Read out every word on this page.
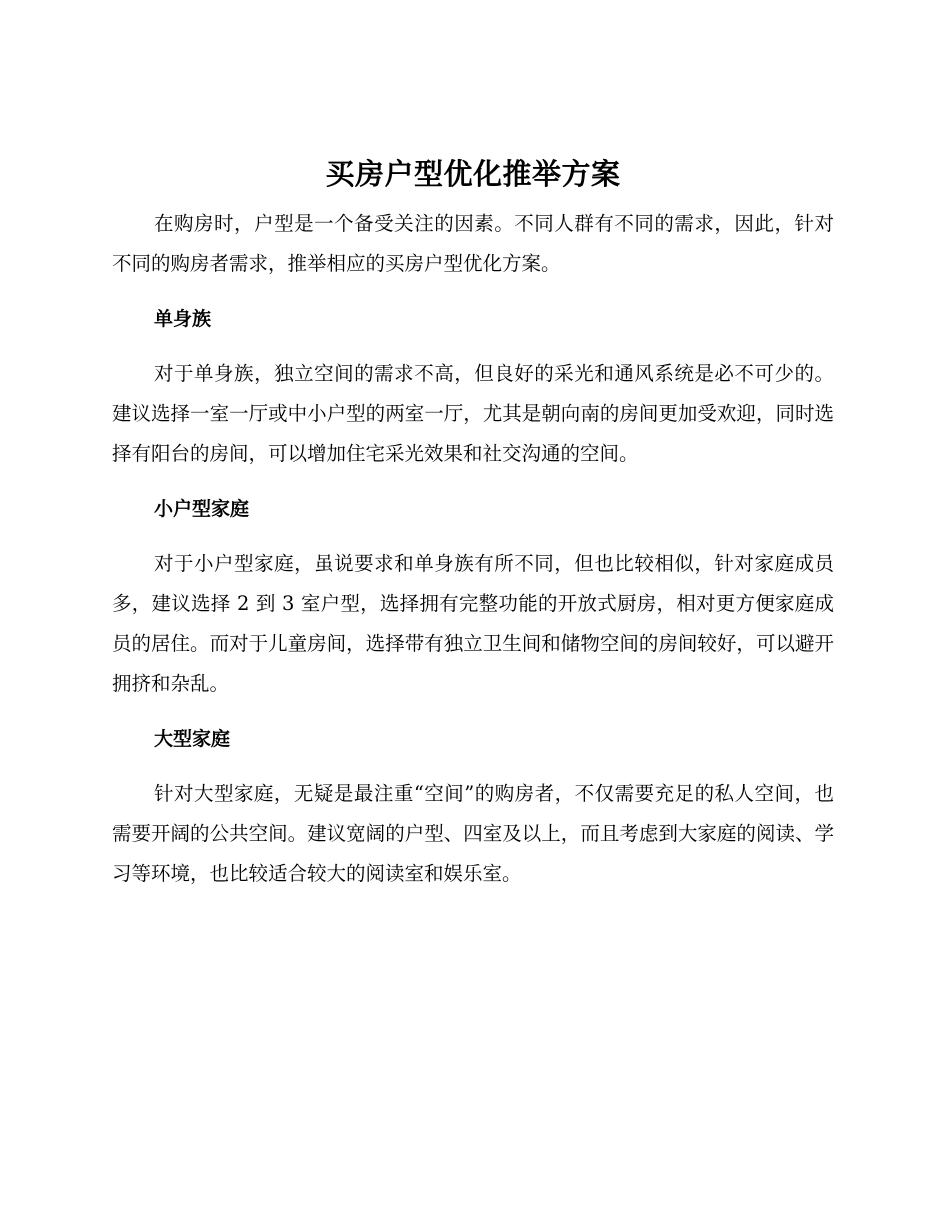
买房户型优化推举方案

在购房时，户型是一个备受关注的因素。不同人群有不同的需求，因此，针对不同的购房者需求，推举相应的买房户型优化方案。

单身族

对于单身族，独立空间的需求不高，但良好的采光和通风系统是必不可少的。建议选择一室一厅或中小户型的两室一厅，尤其是朝向南的房间更加受欢迎，同时选择有阳台的房间，可以增加住宅采光效果和社交沟通的空间。

小户型家庭

对于小户型家庭，虽说要求和单身族有所不同，但也比较相似，针对家庭成员多，建议选择 2 到 3 室户型，选择拥有完整功能的开放式厨房，相对更方便家庭成员的居住。而对于儿童房间，选择带有独立卫生间和储物空间的房间较好，可以避开拥挤和杂乱。

大型家庭

针对大型家庭，无疑是最注重“空间”的购房者，不仅需要充足的私人空间，也需要开阔的公共空间。建议宽阔的户型、四室及以上，而且考虑到大家庭的阅读、学习等环境，也比较适合较大的阅读室和娱乐室。
